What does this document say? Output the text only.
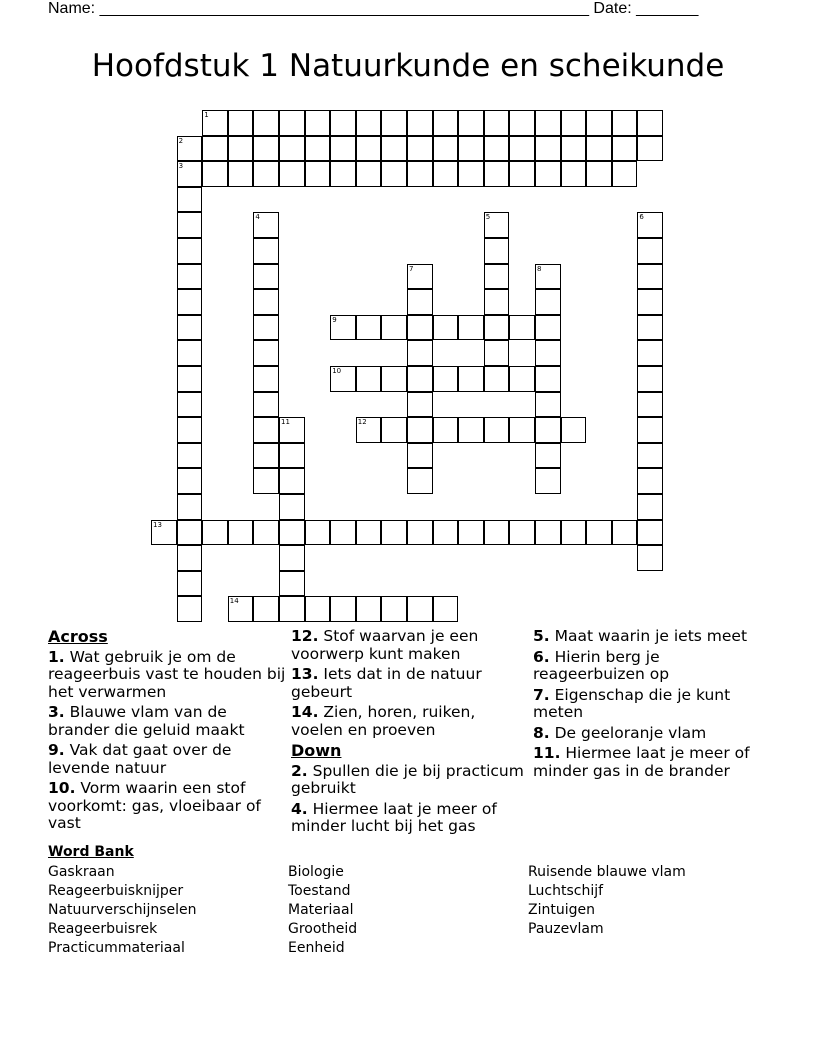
Name: _______________________________________________________ Date: _______
Hoofdstuk 1 Natuurkunde en scheikunde
1
2
3
4	5	6
7	8
9
10
11	12
13
14
Across
1. Wat gebruik je om de reageerbuis vast te houden bij het verwarmen
3. Blauwe vlam van de brander die geluid maakt
9. Vak dat gaat over de levende natuur
10. Vorm waarin een stof voorkomt: gas, vloeibaar of vast
12. Stof waarvan je een voorwerp kunt maken
13. Iets dat in de natuur gebeurt
14. Zien, horen, ruiken, voelen en proeven
Down
2. Spullen die je bij practicum gebruikt
4. Hiermee laat je meer of minder lucht bij het gas
5. Maat waarin je iets meet
6. Hierin berg je reageerbuizen op
7. Eigenschap die je kunt meten
8. De geeloranje vlam
11. Hiermee laat je meer of minder gas in de brander
Word Bank
Gaskraan
Reageerbuisknijper
Natuurverschijnselen
Reageerbuisrek
Practicummateriaal
Biologie
Toestand
Materiaal
Grootheid
Eenheid
Ruisende blauwe vlam
Luchtschijf
Zintuigen
Pauzevlam
